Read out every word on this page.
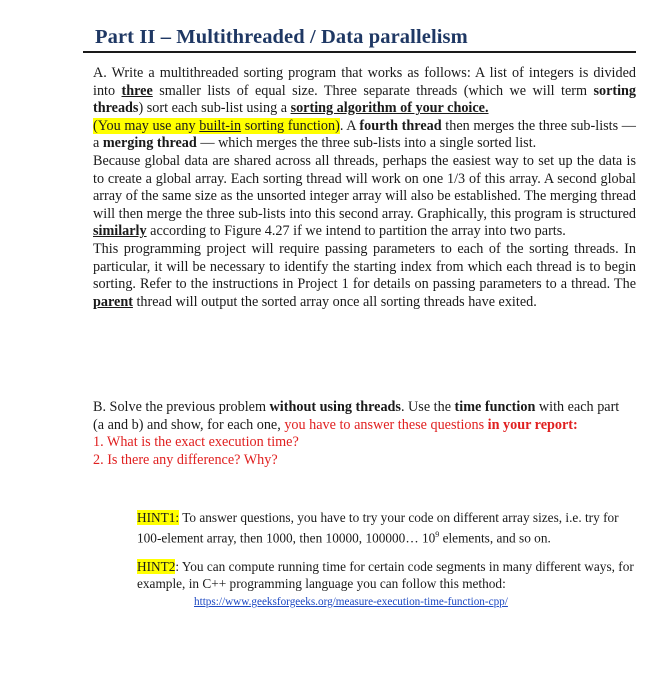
Part II – Multithreaded / Data parallelism
A. Write a multithreaded sorting program that works as follows: A list of integers is divided into three smaller lists of equal size. Three separate threads (which we will term sorting threads) sort each sub-list using a sorting algorithm of your choice.
(You may use any built-in sorting function). A fourth thread then merges the three sub-lists — a merging thread — which merges the three sub-lists into a single sorted list.
Because global data are shared across all threads, perhaps the easiest way to set up the data is to create a global array. Each sorting thread will work on one 1/3 of this array. A second global array of the same size as the unsorted integer array will also be established. The merging thread will then merge the three sub-lists into this second array. Graphically, this program is structured similarly according to Figure 4.27 if we intend to partition the array into two parts.
This programming project will require passing parameters to each of the sorting threads. In particular, it will be necessary to identify the starting index from which each thread is to begin sorting. Refer to the instructions in Project 1 for details on passing parameters to a thread. The parent thread will output the sorted array once all sorting threads have exited.
B. Solve the previous problem without using threads. Use the time function with each part (a and b) and show, for each one, you have to answer these questions in your report:
1. What is the exact execution time?
2. Is there any difference? Why?
HINT1: To answer questions, you have to try your code on different array sizes, i.e. try for 100-element array, then 1000, then 10000, 100000… $10^9$ elements, and so on.
HINT2: You can compute running time for certain code segments in many different ways, for example, in C++ programming language you can follow this method:
https://www.geeksforgeeks.org/measure-execution-time-function-cpp/
